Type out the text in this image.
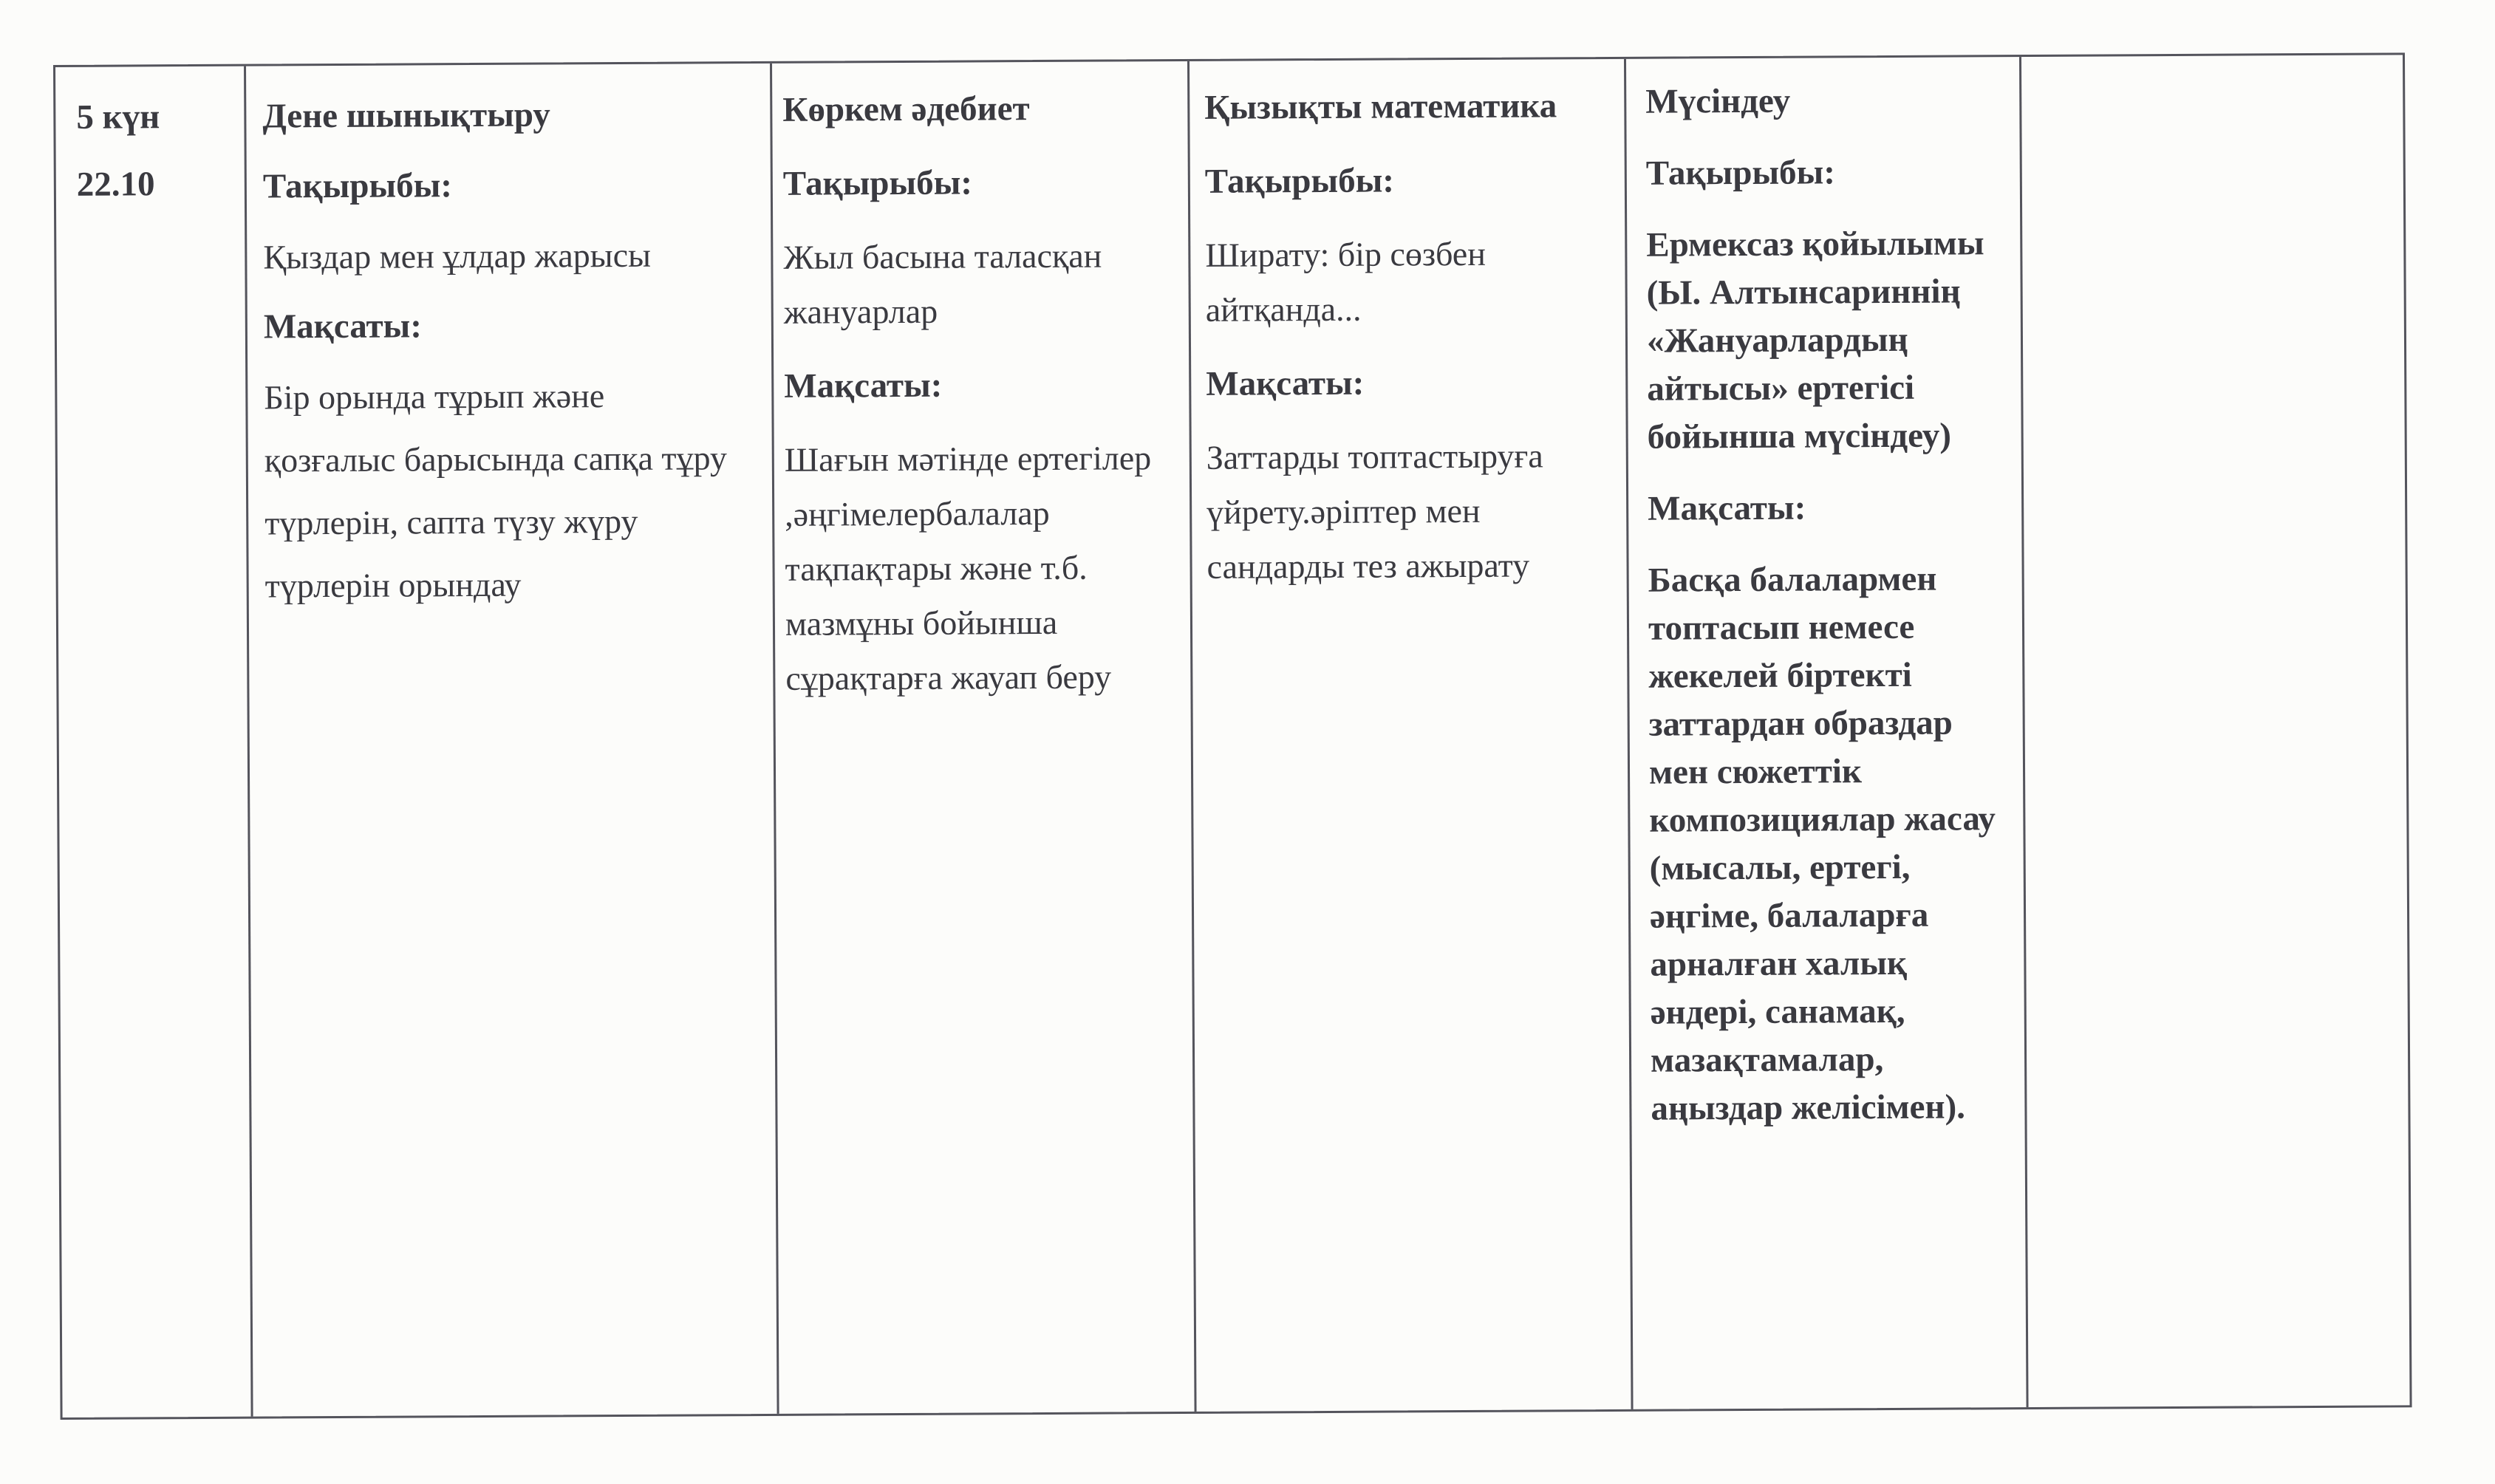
5 күн

22.10

Дене шынықтыру

Тақырыбы:

Қыздар мен ұлдар жарысы

Мақсаты:

Бір орында тұрып және
қозғалыс барысында сапқа тұру
түрлерін, сапта түзу жүру
түрлерін орындау

Көркем әдебиет

Тақырыбы:

Жыл басына таласқан
жануарлар

Мақсаты:

Шағын мәтінде ертегілер
,әңгімелербалалар
тақпақтары және т.б.
мазмұны бойынша
сұрақтарға жауап беру

Қызықты математика

Тақырыбы:

Ширату: бір сөзбен
айтқанда...

Мақсаты:

Заттарды топтастыруға
үйрету.әріптер мен
сандарды тез ажырату

Мүсіндеу

Тақырыбы:

Ермексаз қойылымы
(Ы. Алтынсариннің
«Жануарлардың
айтысы» ертегісі
бойынша мүсіндеу)

Мақсаты:

Басқа балалармен
топтасып немесе
жекелей біртекті
заттардан образдар
мен сюжеттік
композициялар жасау
(мысалы, ертегі,
әңгіме, балаларға
арналған халық
әндері, санамақ,
мазақтамалар,
аңыздар желісімен).
